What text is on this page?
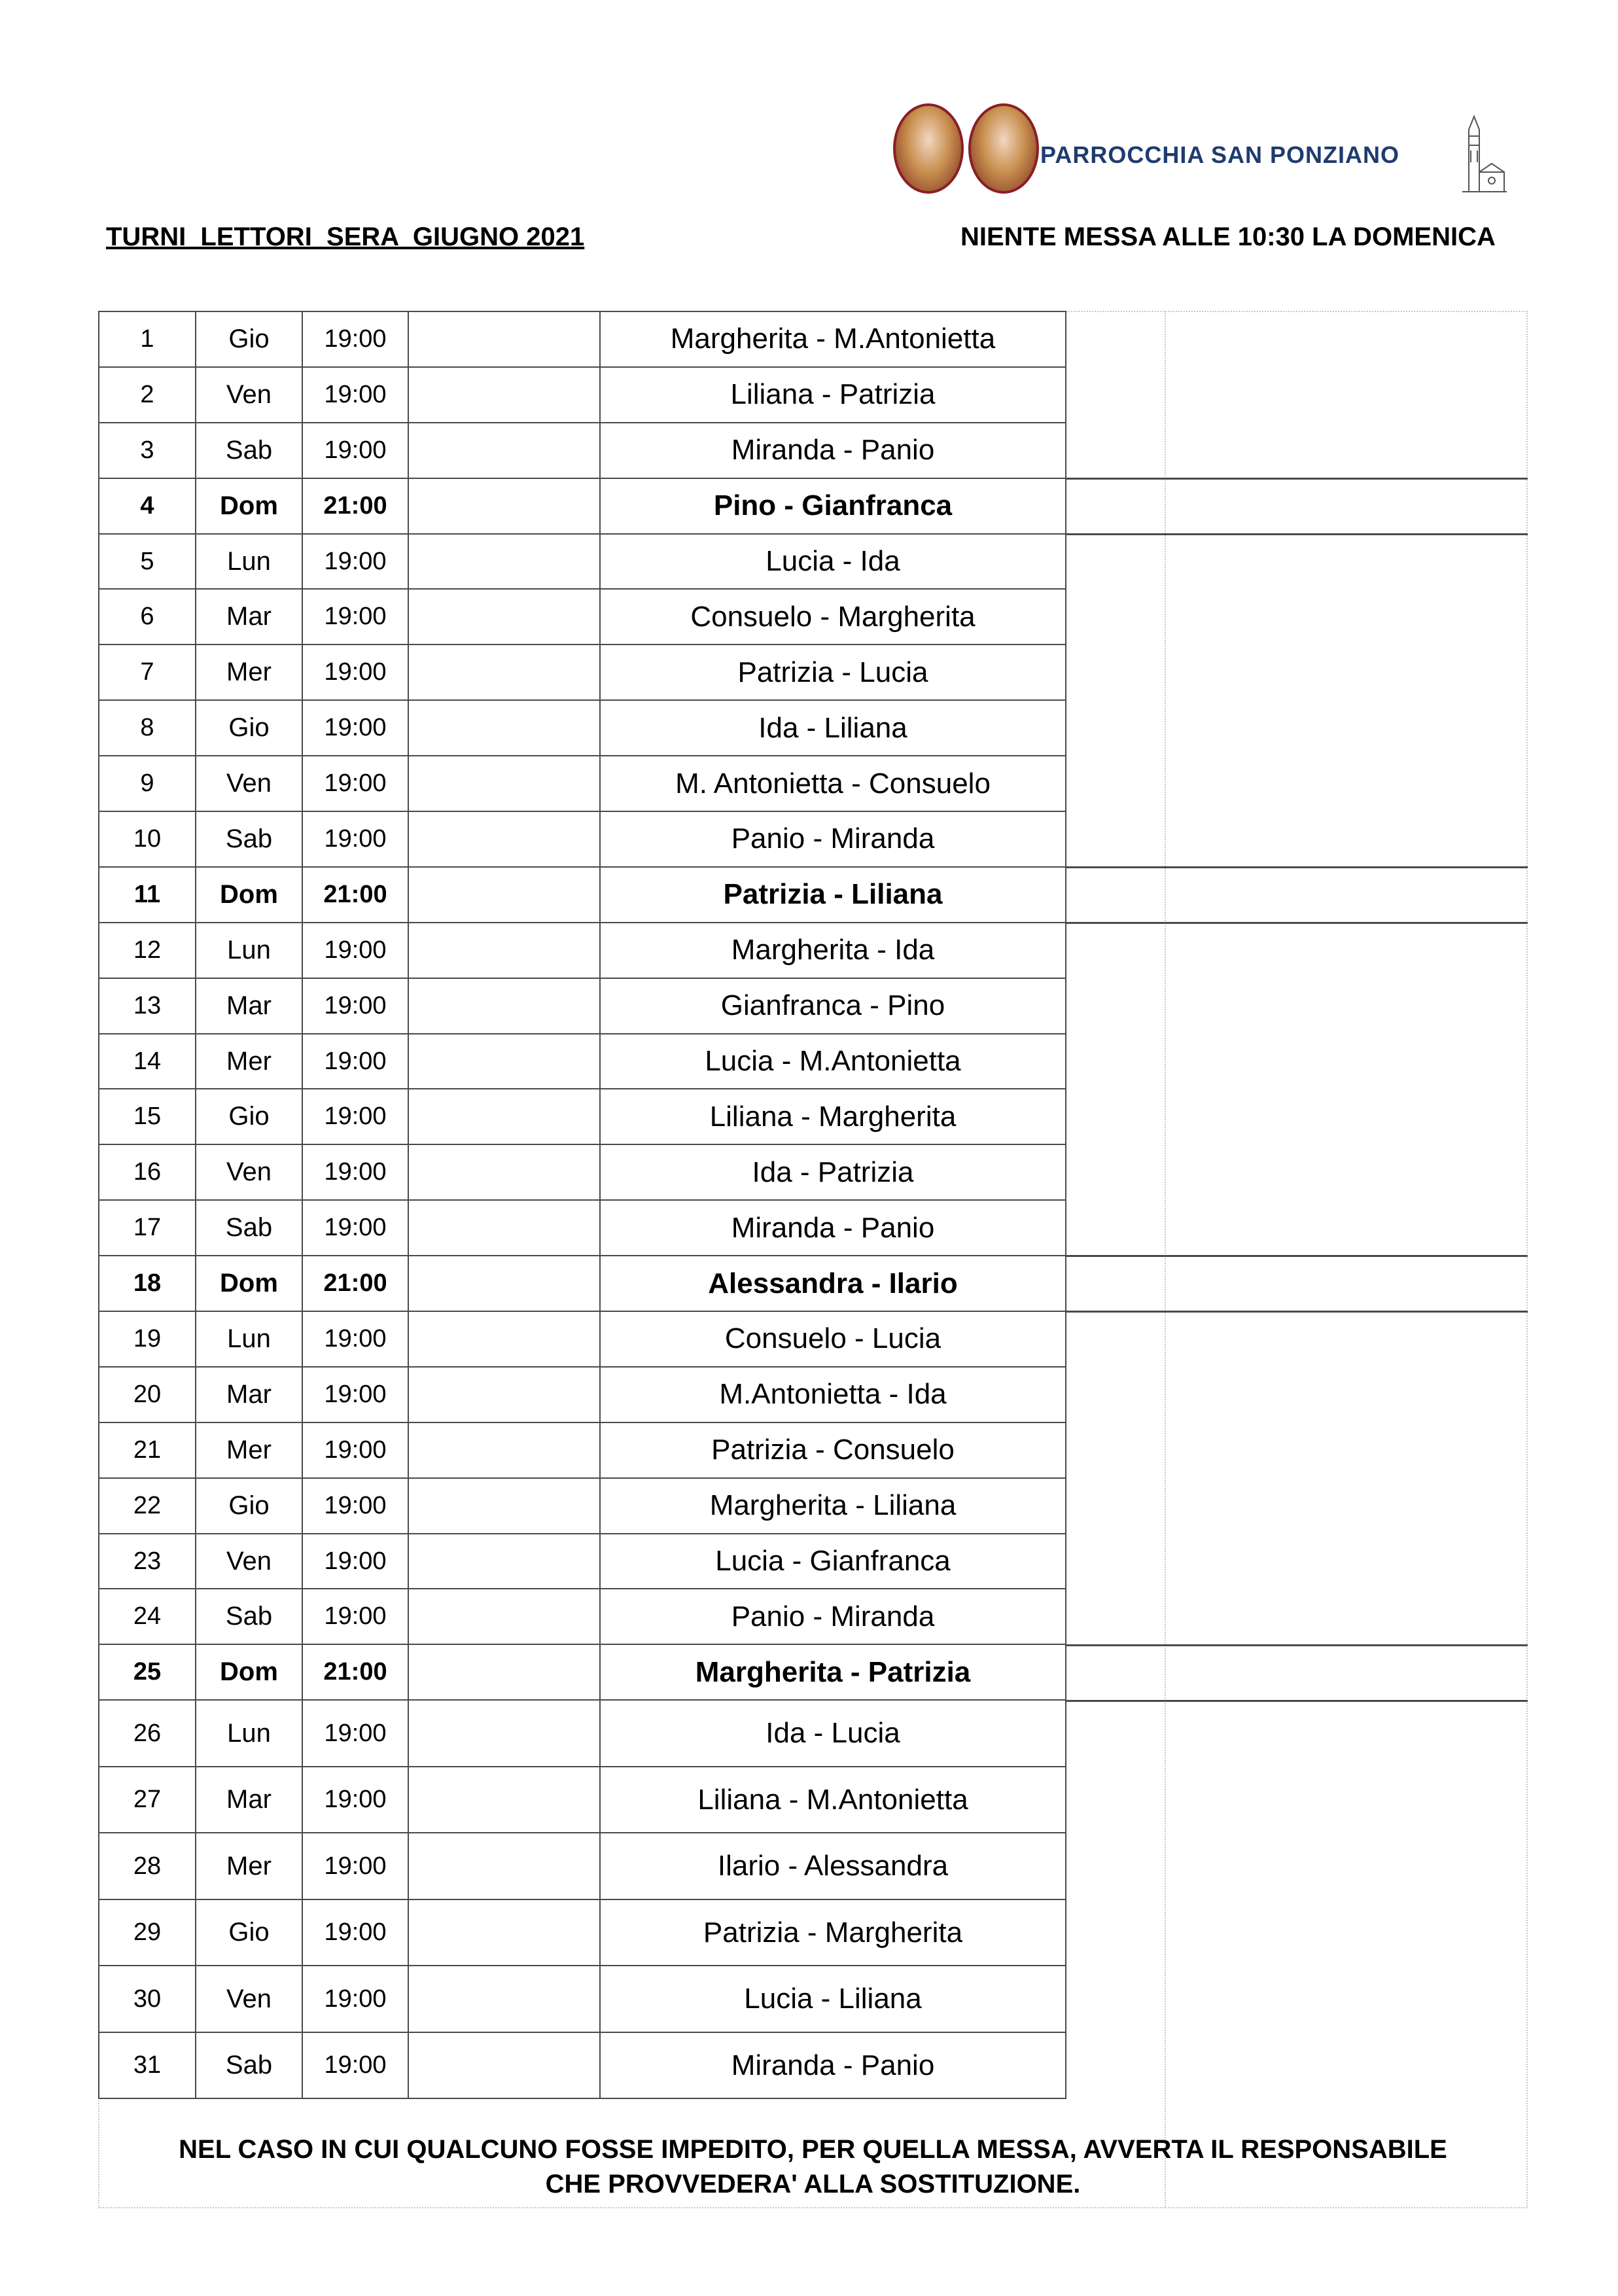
PARROCCHIA SAN PONZIANO
TURNI  LETTORI  SERA  GIUGNO 2021	NIENTE MESSA ALLE 10:30 LA DOMENICA
1	Gio	19:00		Margherita - M.Antonietta
2	Ven	19:00		Liliana - Patrizia
3	Sab	19:00		Miranda - Panio
4	Dom	21:00		Pino - Gianfranca
5	Lun	19:00		Lucia - Ida
6	Mar	19:00		Consuelo - Margherita
7	Mer	19:00		Patrizia - Lucia
8	Gio	19:00		Ida - Liliana
9	Ven	19:00		M. Antonietta - Consuelo
10	Sab	19:00		Panio - Miranda
11	Dom	21:00		Patrizia - Liliana
12	Lun	19:00		Margherita - Ida
13	Mar	19:00		Gianfranca - Pino
14	Mer	19:00		Lucia - M.Antonietta
15	Gio	19:00		Liliana - Margherita
16	Ven	19:00		Ida - Patrizia
17	Sab	19:00		Miranda - Panio
18	Dom	21:00		Alessandra - Ilario
19	Lun	19:00		Consuelo - Lucia
20	Mar	19:00		M.Antonietta - Ida
21	Mer	19:00		Patrizia - Consuelo
22	Gio	19:00		Margherita - Liliana
23	Ven	19:00		Lucia - Gianfranca
24	Sab	19:00		Panio - Miranda
25	Dom	21:00		Margherita - Patrizia
26	Lun	19:00		Ida - Lucia
27	Mar	19:00		Liliana - M.Antonietta
28	Mer	19:00		Ilario - Alessandra
29	Gio	19:00		Patrizia - Margherita
30	Ven	19:00		Lucia - Liliana
31	Sab	19:00		Miranda - Panio
NEL CASO IN CUI QUALCUNO FOSSE IMPEDITO, PER QUELLA MESSA, AVVERTA IL RESPONSABILE
CHE PROVVEDERA' ALLA SOSTITUZIONE.
